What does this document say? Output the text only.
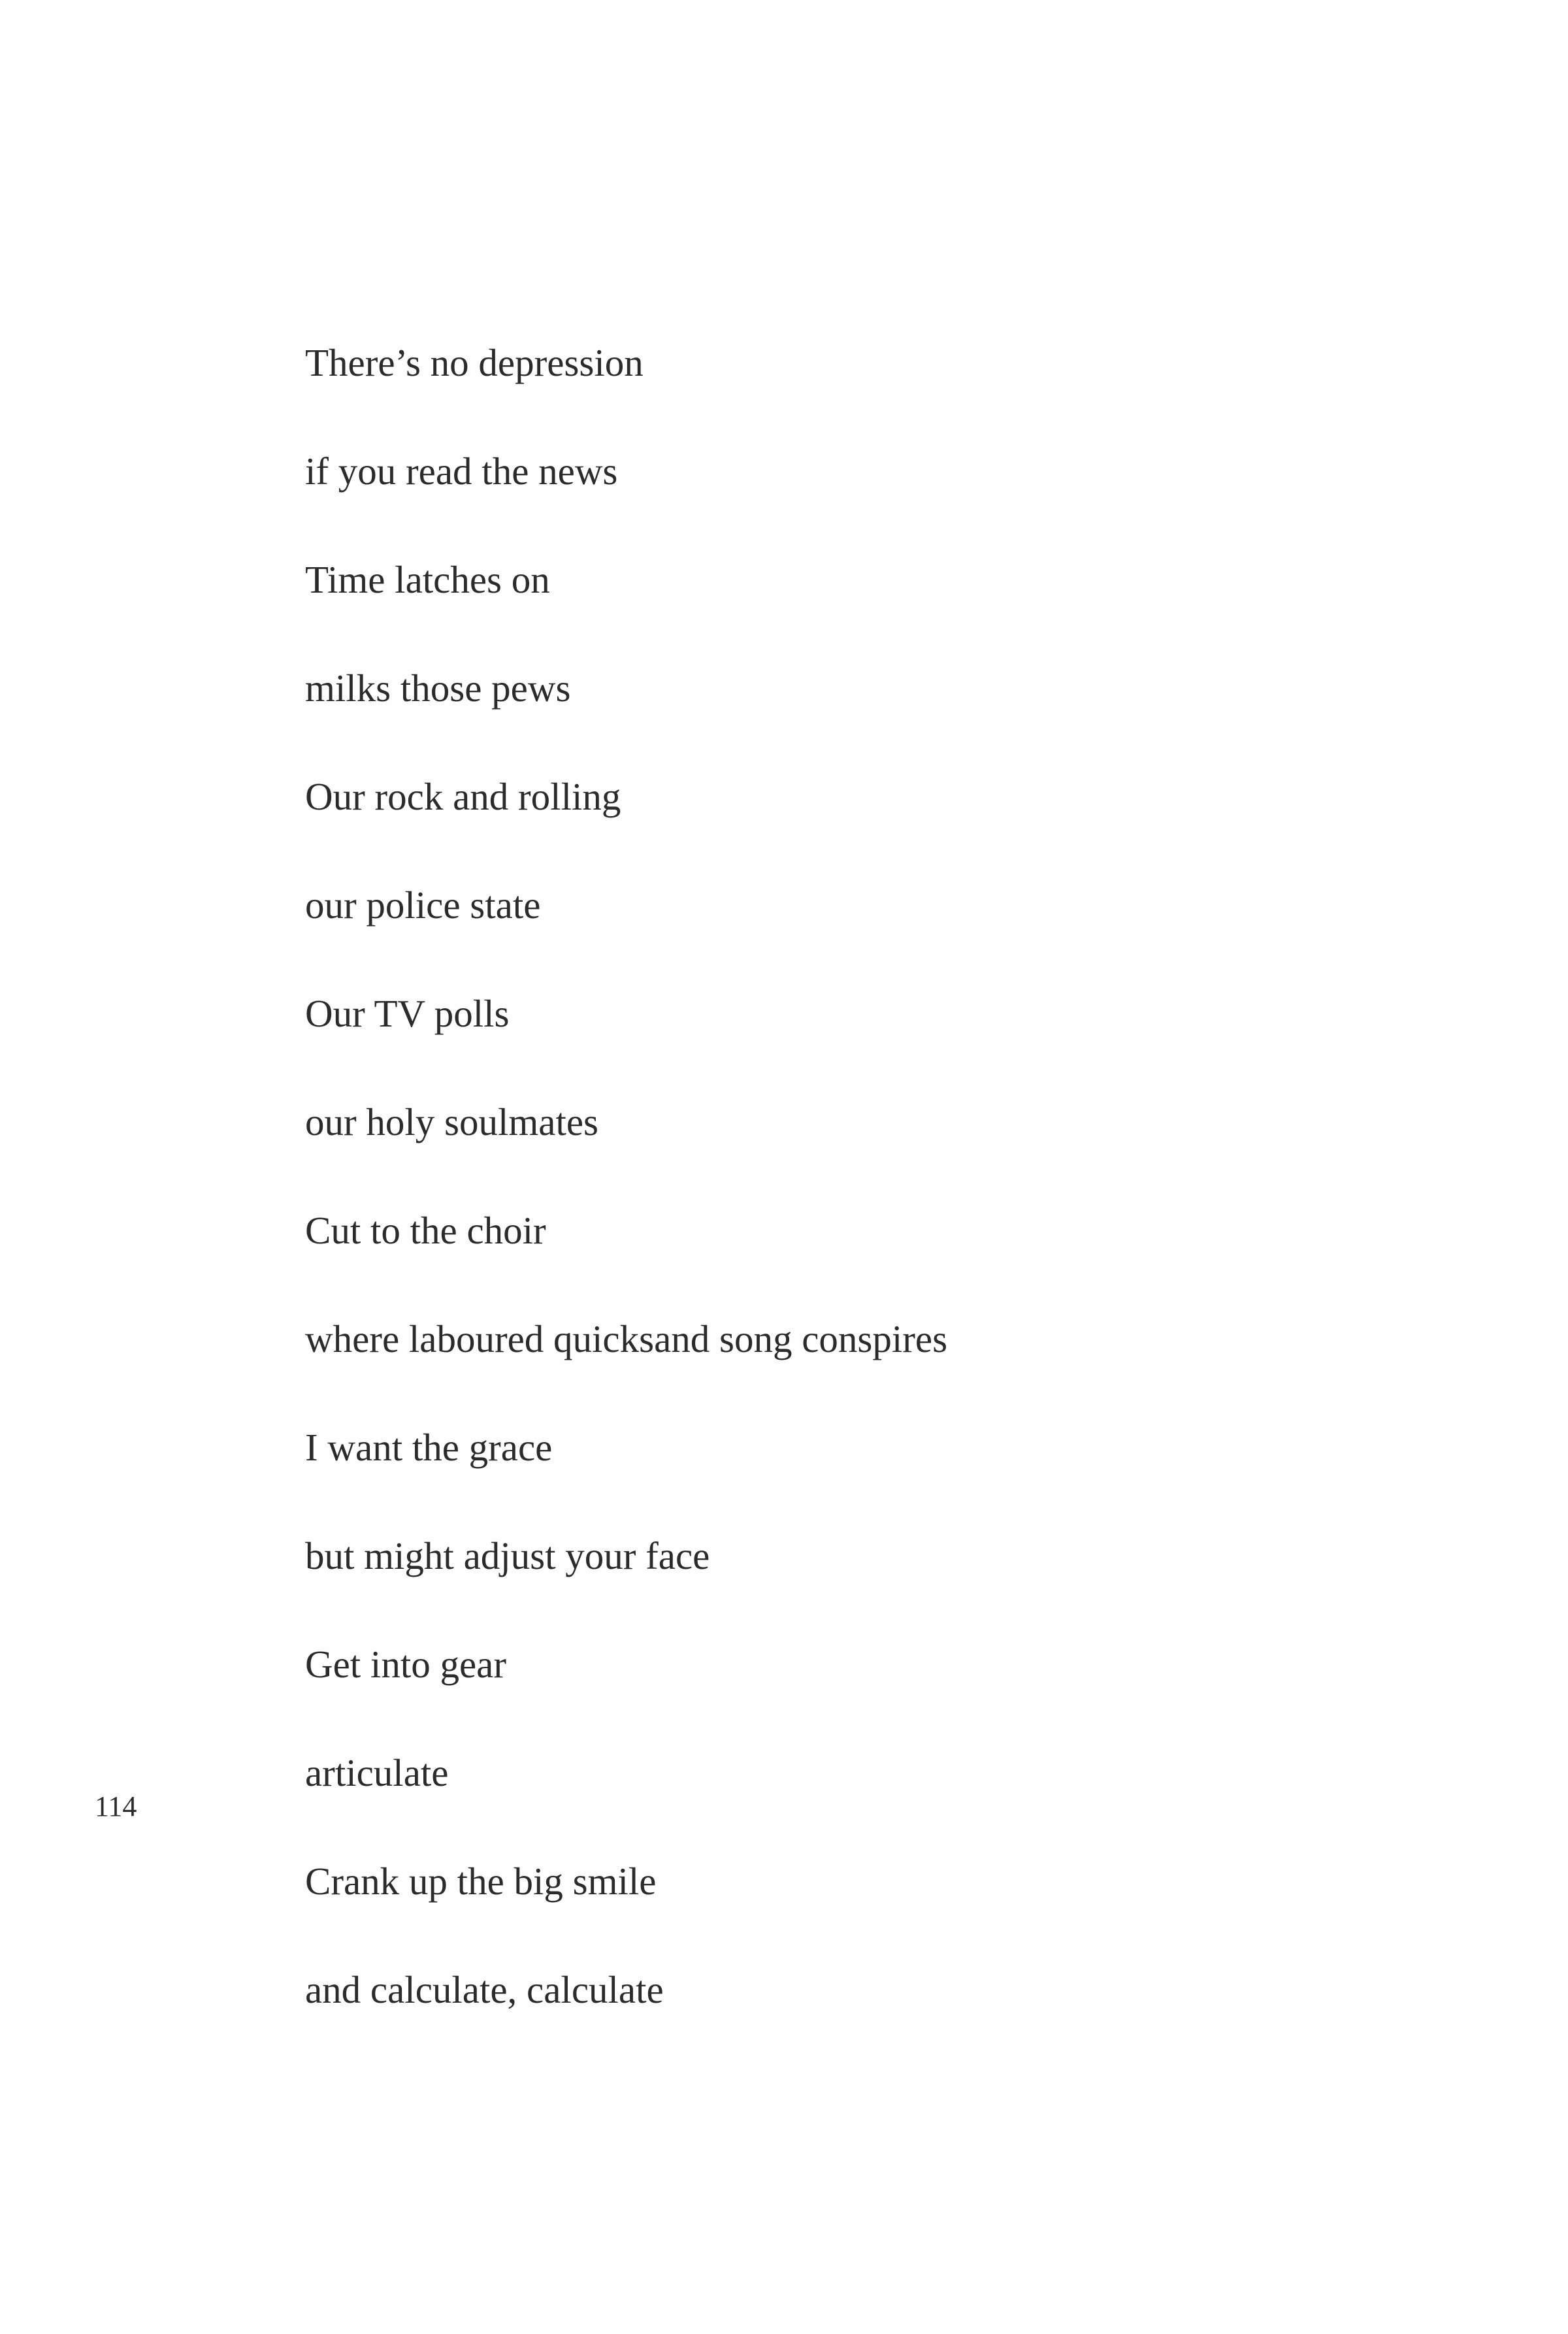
There’s no depression
if you read the news
Time latches on
milks those pews
Our rock and rolling
our police state
Our TV polls
our holy soulmates
Cut to the choir
where laboured quicksand song conspires
I want the grace
but might adjust your face
Get into gear
articulate
Crank up the big smile
and calculate, calculate
114
